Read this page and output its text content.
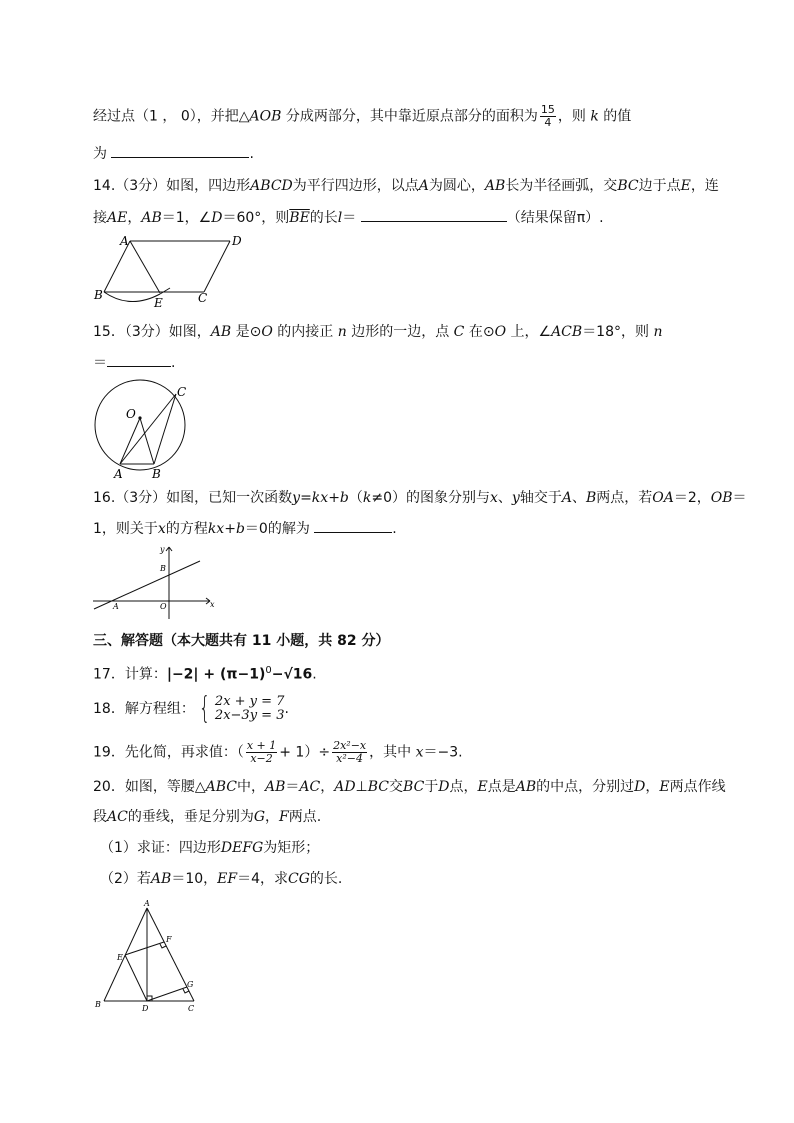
经过点（1 ， 0），并把△AOB 分成两部分，其中靠近原点部分的面积为 $\frac{15}{4}$ ，则 k 的值
为	.
14.（3分）如图，四边形ABCD为平行四边形，以点A为圆心，AB长为半径画弧，交BC边于点E，连
接AE，AB＝1，∠D＝60°，则$\overline{BE}$的长l＝	（结果保留π）.
A	D
B
E	C
15．（3分）如图，AB 是⊙O 的内接正 n 边形的一边，点 C 在⊙O 上，∠ACB＝18°，则 n
＝	.
O
A B
C
16.（3分）如图，已知一次函数y=kx+b（k≠0）的图象分别与x、y轴交于A、B两点，若OA＝2，OB＝
1，则关于x的方程kx+b＝0的解为	.
y
B
A	O	x
三、解答题（本大题共有 11 小题，共 82 分）
17．计算：$|-2| + (\pi-1)^0-√16$.
18．解方程组： { 2x + y = 7
2x−3y = 3 .
19．先化简，再求值：（ $\frac{x + 1}{x-2} + 1)\div \frac{\text{2x²−x}}{\text{x²−4}}$ ，其中 x＝−3.
20．如图，等腰△ABC中，AB＝AC，AD⊥BC交BC于D点，E点是AB的中点，分别过D，E两点作线
段AC的垂线，垂足分别为G，F两点.
（1）求证：四边形DEFG为矩形；
（2）若AB＝10，EF＝4，求CG的长.
A
F
E
G
B	D	C
